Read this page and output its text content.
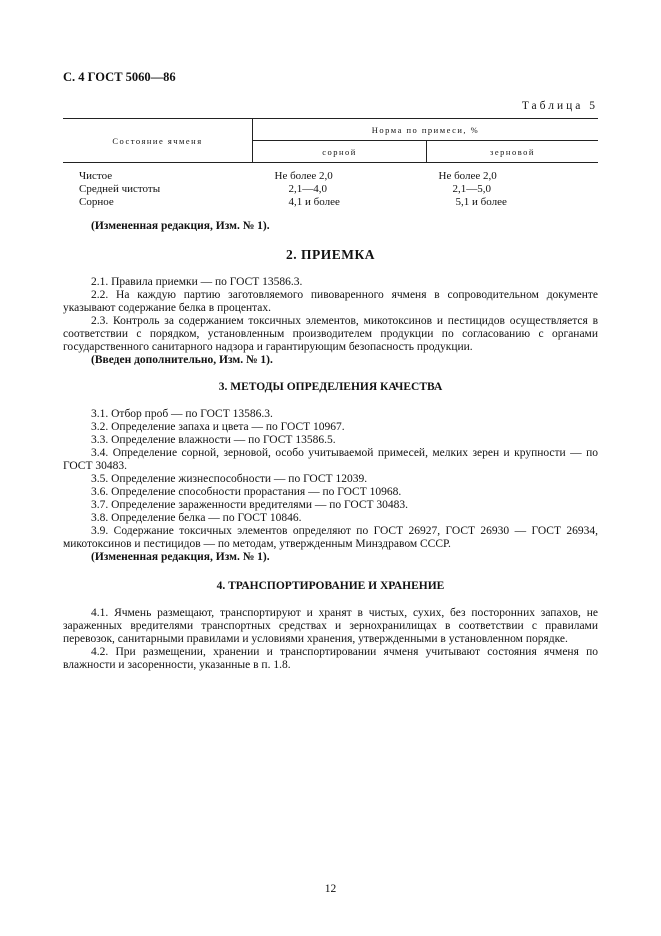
С. 4 ГОСТ 5060—86
Таблица 5
Состояние ячменя	Норма по примеси, %	
	сорной	зерновой
Чистое	Не более 2,0	Не более 2,0
Средней чистоты	2,1—4,0	2,1—5,0
Сорное	4,1 и более	5,1 и более
(Измененная редакция, Изм. № 1).
2. ПРИЕМКА
2.1. Правила приемки — по ГОСТ 13586.3.
2.2. На каждую партию заготовляемого пивоваренного ячменя в сопроводительном документе указывают содержание белка в процентах.
2.3. Контроль за содержанием токсичных элементов, микотоксинов и пестицидов осуществляется в соответствии с порядком, установленным производителем продукции по согласованию с органами государственного санитарного надзора и гарантирующим безопасность продукции.
(Введен дополнительно, Изм. № 1).
3. МЕТОДЫ ОПРЕДЕЛЕНИЯ КАЧЕСТВА
3.1. Отбор проб — по ГОСТ 13586.3.
3.2. Определение запаха и цвета — по ГОСТ 10967.
3.3. Определение влажности — по ГОСТ 13586.5.
3.4. Определение сорной, зерновой, особо учитываемой примесей, мелких зерен и крупности — по ГОСТ 30483.
3.5. Определение жизнеспособности — по ГОСТ 12039.
3.6. Определение способности прорастания — по ГОСТ 10968.
3.7. Определение зараженности вредителями — по ГОСТ 30483.
3.8. Определение белка — по ГОСТ 10846.
3.9. Содержание токсичных элементов определяют по ГОСТ 26927, ГОСТ 26930 — ГОСТ 26934, микотоксинов и пестицидов — по методам, утвержденным Минздравом СССР.
(Измененная редакция, Изм. № 1).
4. ТРАНСПОРТИРОВАНИЕ И ХРАНЕНИЕ
4.1. Ячмень размещают, транспортируют и хранят в чистых, сухих, без посторонних запахов, не зараженных вредителями транспортных средствах и зернохранилищах в соответствии с правилами перевозок, санитарными правилами и условиями хранения, утвержденными в установленном порядке.
4.2. При размещении, хранении и транспортировании ячменя учитывают состояния ячменя по влажности и засоренности, указанные в п. 1.8.
12
